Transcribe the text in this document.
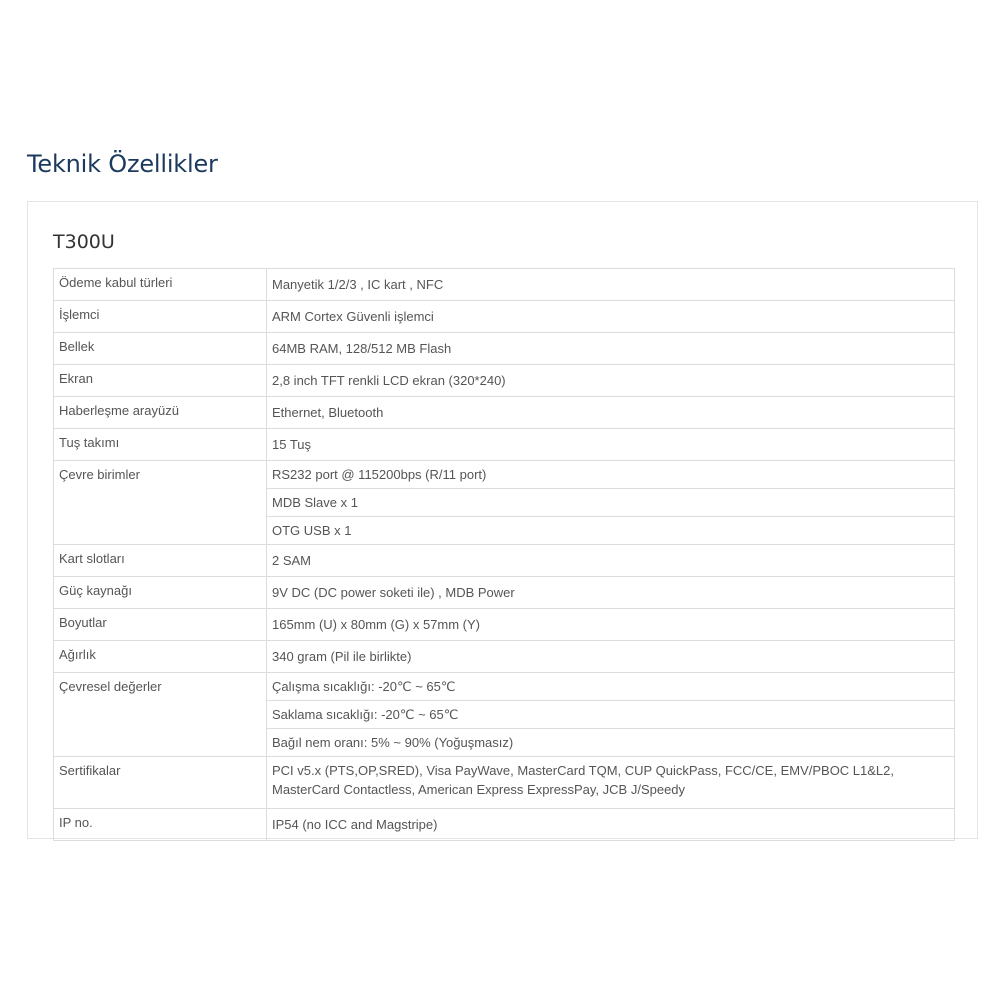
Teknik Özellikler
T300U
Ödeme kabul türleri	Manyetik 1/2/3 , IC kart , NFC
İşlemci	ARM Cortex Güvenli işlemci
Bellek	64MB RAM, 128/512 MB Flash
Ekran	2,8 inch TFT renkli LCD ekran (320*240)
Haberleşme arayüzü	Ethernet, Bluetooth
Tuş takımı	15 Tuş
Çevre birimler	RS232 port @ 115200bps (R/11 port)
	MDB Slave x 1
	OTG USB x 1
Kart slotları	2 SAM
Güç kaynağı	9V DC (DC power soketi ile) , MDB Power
Boyutlar	165mm (U) x 80mm (G) x 57mm (Y)
Ağırlık	340 gram (Pil ile birlikte)
Çevresel değerler	Çalışma sıcaklığı: -20℃ ~ 65℃
	Saklama sıcaklığı: -20℃ ~ 65℃
	Bağıl nem oranı: 5% ~ 90% (Yoğuşmasız)
Sertifikalar	PCI v5.x (PTS,OP,SRED), Visa PayWave, MasterCard TQM, CUP QuickPass, FCC/CE, EMV/PBOC L1&L2, MasterCard Contactless, American Express ExpressPay, JCB J/Speedy
IP no.	IP54 (no ICC and Magstripe)
